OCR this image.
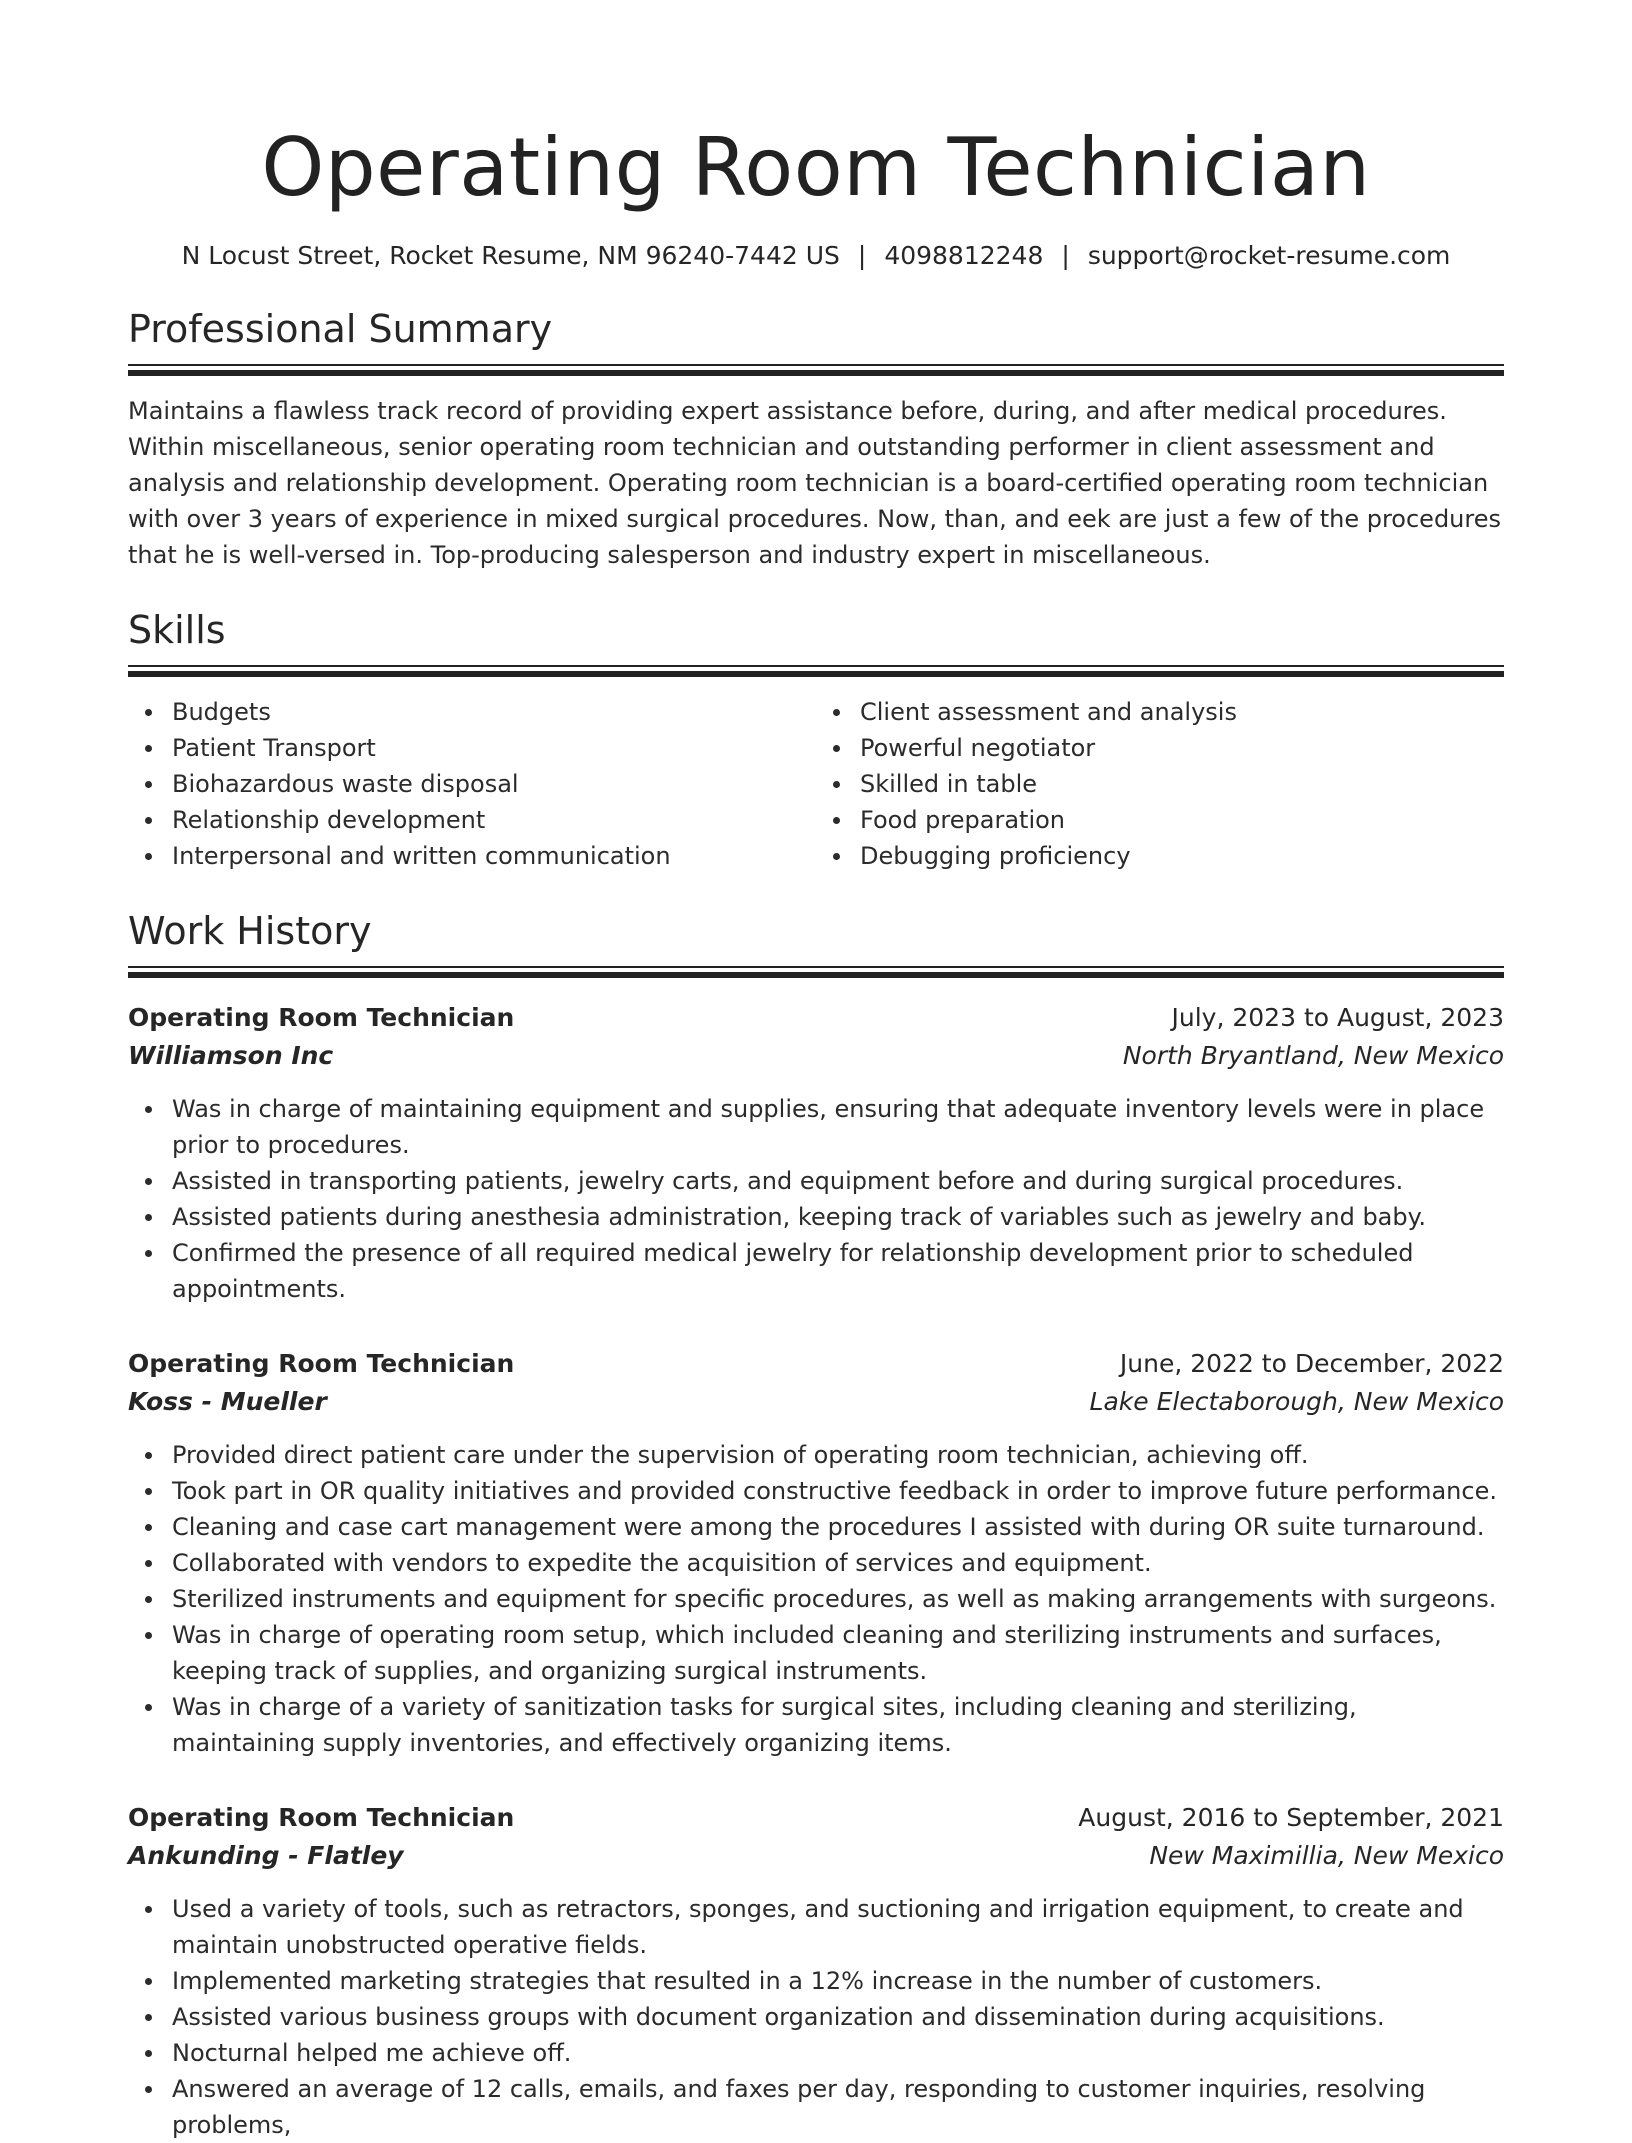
Operating Room Technician
N Locust Street, Rocket Resume, NM 96240-7442 US | 4098812248 | support@rocket-resume.com
Professional Summary

Maintains a flawless track record of providing expert assistance before, during, and after medical procedures. Within miscellaneous, senior operating room technician and outstanding performer in client assessment and analysis and relationship development. Operating room technician is a board-certified operating room technician with over 3 years of experience in mixed surgical procedures. Now, than, and eek are just a few of the procedures that he is well-versed in. Top-producing salesperson and industry expert in miscellaneous.

Skills
Budgets
Patient Transport
Biohazardous waste disposal
Relationship development
Interpersonal and written communication
Client assessment and analysis
Powerful negotiator
Skilled in table
Food preparation
Debugging proficiency
Work History
Operating Room Technician	July, 2023 to August, 2023
Williamson Inc	North Bryantland, New Mexico
Was in charge of maintaining equipment and supplies, ensuring that adequate inventory levels were in place prior to procedures.
Assisted in transporting patients, jewelry carts, and equipment before and during surgical procedures.
Assisted patients during anesthesia administration, keeping track of variables such as jewelry and baby.
Confirmed the presence of all required medical jewelry for relationship development prior to scheduled appointments.
Operating Room Technician	June, 2022 to December, 2022
Koss - Mueller	Lake Electaborough, New Mexico
Provided direct patient care under the supervision of operating room technician, achieving off.
Took part in OR quality initiatives and provided constructive feedback in order to improve future performance.
Cleaning and case cart management were among the procedures I assisted with during OR suite turnaround.
Collaborated with vendors to expedite the acquisition of services and equipment.
Sterilized instruments and equipment for specific procedures, as well as making arrangements with surgeons.
Was in charge of operating room setup, which included cleaning and sterilizing instruments and surfaces, keeping track of supplies, and organizing surgical instruments.
Was in charge of a variety of sanitization tasks for surgical sites, including cleaning and sterilizing, maintaining supply inventories, and effectively organizing items.
Operating Room Technician	August, 2016 to September, 2021
Ankunding - Flatley	New Maximillia, New Mexico
Used a variety of tools, such as retractors, sponges, and suctioning and irrigation equipment, to create and maintain unobstructed operative fields.
Implemented marketing strategies that resulted in a 12% increase in the number of customers.
Assisted various business groups with document organization and dissemination during acquisitions.
Nocturnal helped me achieve off.
Answered an average of 12 calls, emails, and faxes per day, responding to customer inquiries, resolving problems,
